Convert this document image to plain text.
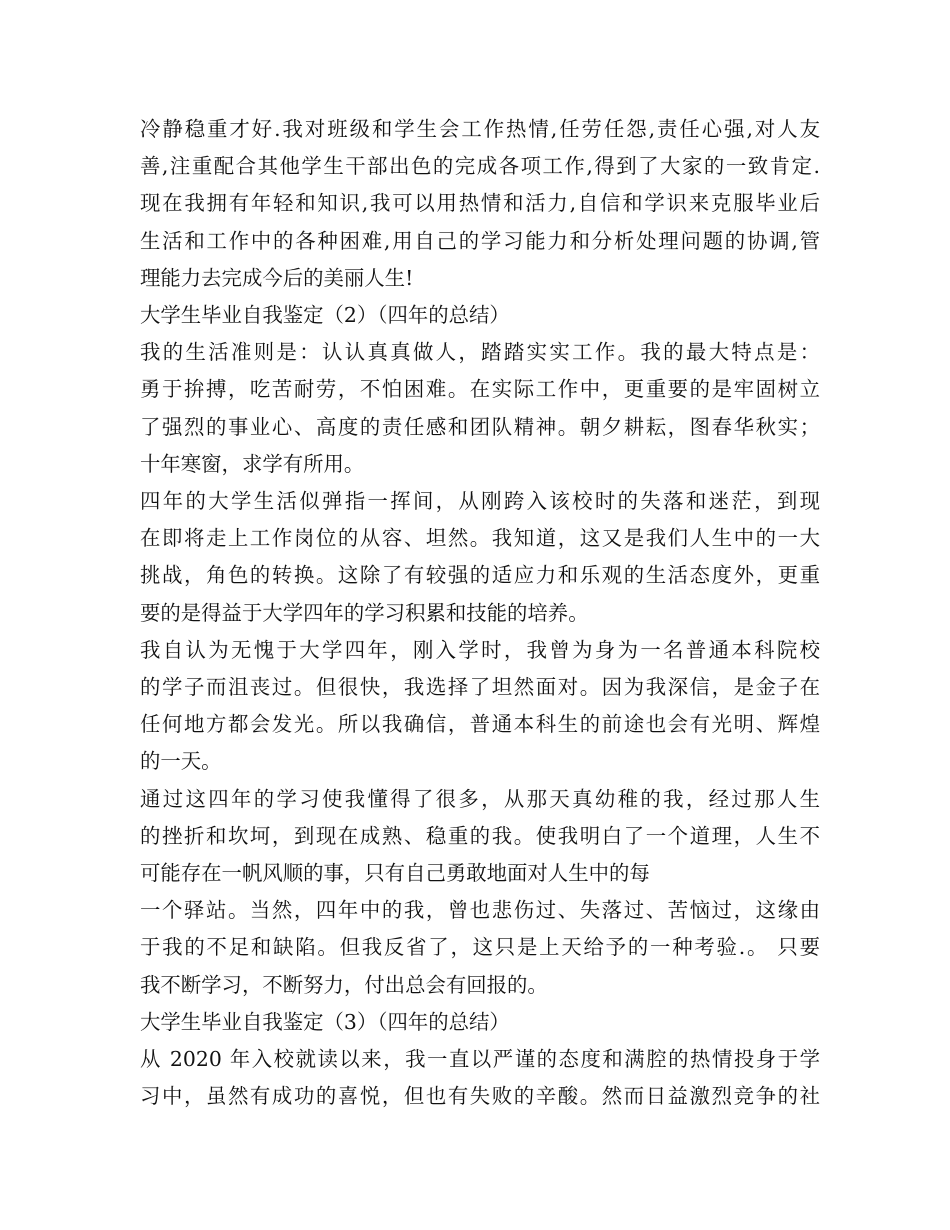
冷静稳重才好.我对班级和学生会工作热情,任劳任怨,责任心强,对人友
善,注重配合其他学生干部出色的完成各项工作,得到了大家的一致肯定.
现在我拥有年轻和知识,我可以用热情和活力,自信和学识来克服毕业后
生活和工作中的各种困难,用自己的学习能力和分析处理问题的协调,管
理能力去完成今后的美丽人生!
大学生毕业自我鉴定（2）（四年的总结）
我的生活准则是：认认真真做人，踏踏实实工作。我的最大特点是：
勇于拚搏，吃苦耐劳，不怕困难。在实际工作中，更重要的是牢固树立
了强烈的事业心、高度的责任感和团队精神。朝夕耕耘，图春华秋实；
十年寒窗，求学有所用。
四年的大学生活似弹指一挥间，从刚跨入该校时的失落和迷茫，到现
在即将走上工作岗位的从容、坦然。我知道，这又是我们人生中的一大
挑战，角色的转换。这除了有较强的适应力和乐观的生活态度外，更重
要的是得益于大学四年的学习积累和技能的培养。
我自认为无愧于大学四年，刚入学时，我曾为身为一名普通本科院校
的学子而沮丧过。但很快，我选择了坦然面对。因为我深信，是金子在
任何地方都会发光。所以我确信，普通本科生的前途也会有光明、辉煌
的一天。
通过这四年的学习使我懂得了很多，从那天真幼稚的我，经过那人生
的挫折和坎坷，到现在成熟、稳重的我。使我明白了一个道理，人生不
可能存在一帆风顺的事，只有自己勇敢地面对人生中的每
一个驿站。当然，四年中的我，曾也悲伤过、失落过、苦恼过，这缘由
于我的不足和缺陷。但我反省了，这只是上天给予的一种考验.。 只要
我不断学习，不断努力，付出总会有回报的。
大学生毕业自我鉴定（3）（四年的总结）
从 2020 年入校就读以来，我一直以严谨的态度和满腔的热情投身于学
习中，虽然有成功的喜悦，但也有失败的辛酸。然而日益激烈竞争的社
